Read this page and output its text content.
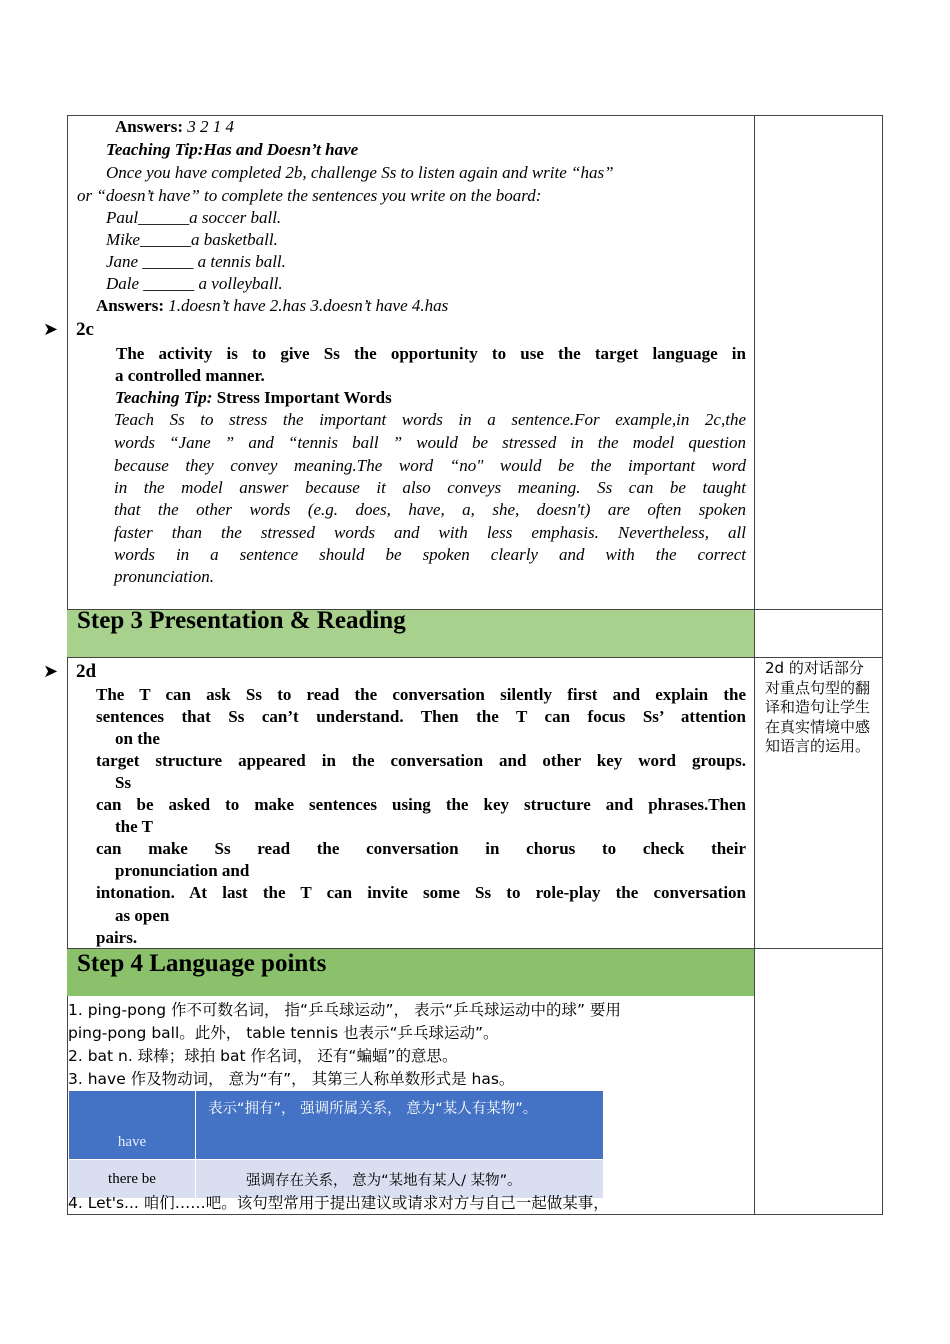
Answers: 3 2 1 4
Teaching Tip:Has and Doesn’t have
Once you have completed 2b, challenge Ss to listen again and write “has”
or “doesn’t have” to complete the sentences you write on the board:
Paul______a soccer ball.
Mike______a basketball.
Jane ______ a tennis ball.
Dale ______ a volleyball.
Answers: 1.doesn’t have 2.has 3.doesn’t have 4.has
➤ 2c
The activity is to give Ss the opportunity to use the target language in
a controlled manner.
Teaching Tip: Stress Important Words
Teach Ss to stress the important words in a sentence.For example,in 2c,the
words “Jane ” and “tennis ball ” would be stressed in the model question
because they convey meaning.The word “no" would be the important word
in the model answer because it also conveys meaning. Ss can be taught
that the other words (e.g. does, have, a, she, doesn't) are often spoken
faster than the stressed words and with less emphasis. Nevertheless, all
words in a sentence should be spoken clearly and with the correct
pronunciation.
Step 3 Presentation & Reading
➤ 2d
The T can ask Ss to read the conversation silently first and explain the
sentences that Ss can’t understand. Then the T can focus Ss’ attention
on the
target structure appeared in the conversation and other key word groups.
Ss
can be asked to make sentences using the key structure and phrases.Then
the T
can make Ss read the conversation in chorus to check their
pronunciation and
intonation. At last the T can invite some Ss to role-play the conversation
as open
pairs.
2d 的对话部分对重点句型的翻译和造句让学生在真实情境中感知语言的运用。
Step 4 Language points
1. ping-pong 作不可数名词， 指“乒乓球运动”， 表示“乒乓球运动中的球” 要用
ping-pong ball。此外， table tennis 也表示“乒乓球运动”。
2. bat n. 球棒；球拍 bat 作名词， 还有“蝙蝠”的意思。
3. have 作及物动词， 意为“有”， 其第三人称单数形式是 has。
have	表示“拥有”， 强调所属关系， 意为“某人有某物”。
there be	强调存在关系， 意为“某地有某人/ 某物”。
4. Let's... 咱们……吧。该句型常用于提出建议或请求对方与自己一起做某事，
